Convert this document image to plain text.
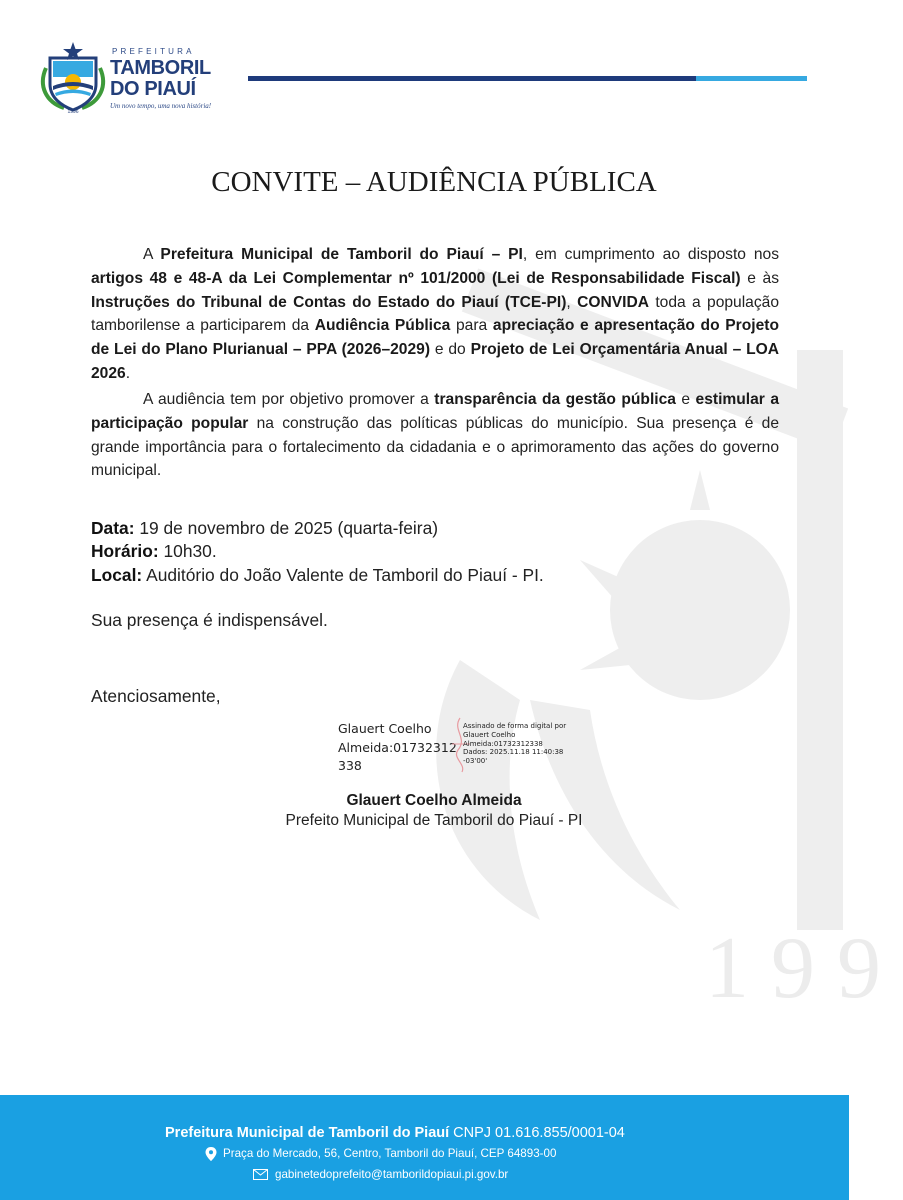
199
1996
PREFEITURA
TAMBORIL
DO PIAUÍ
Um novo tempo, uma nova história!
CONVITE – AUDIÊNCIA PÚBLICA
A Prefeitura Municipal de Tamboril do Piauí – PI, em cumprimento ao disposto nos artigos 48 e 48-A da Lei Complementar nº 101/2000 (Lei de Responsabilidade Fiscal) e às Instruções do Tribunal de Contas do Estado do Piauí (TCE-PI), CONVIDA toda a população tamborilense a participarem da Audiência Pública para apreciação e apresentação do Projeto de Lei do Plano Plurianual – PPA (2026–2029) e do Projeto de Lei Orçamentária Anual – LOA 2026.
A audiência tem por objetivo promover a transparência da gestão pública e estimular a participação popular na construção das políticas públicas do município. Sua presença é de grande importância para o fortalecimento da cidadania e o aprimoramento das ações do governo municipal.
Data: 19 de novembro de 2025 (quarta-feira)
Horário: 10h30.
Local: Auditório do João Valente de Tamboril do Piauí - PI.
Sua presença é indispensável.
Atenciosamente,
Glauert Coelho
Almeida:01732312
338
Assinado de forma digital por
Glauert Coelho
Almeida:01732312338
Dados: 2025.11.18 11:40:38
-03'00'
Glauert Coelho Almeida
Prefeito Municipal de Tamboril do Piauí - PI
Prefeitura Municipal de Tamboril do Piauí CNPJ 01.616.855/0001-04
Praça do Mercado, 56, Centro, Tamboril do Piauí, CEP 64893-00
gabinetedoprefeito@tamborildopiaui.pi.gov.br
